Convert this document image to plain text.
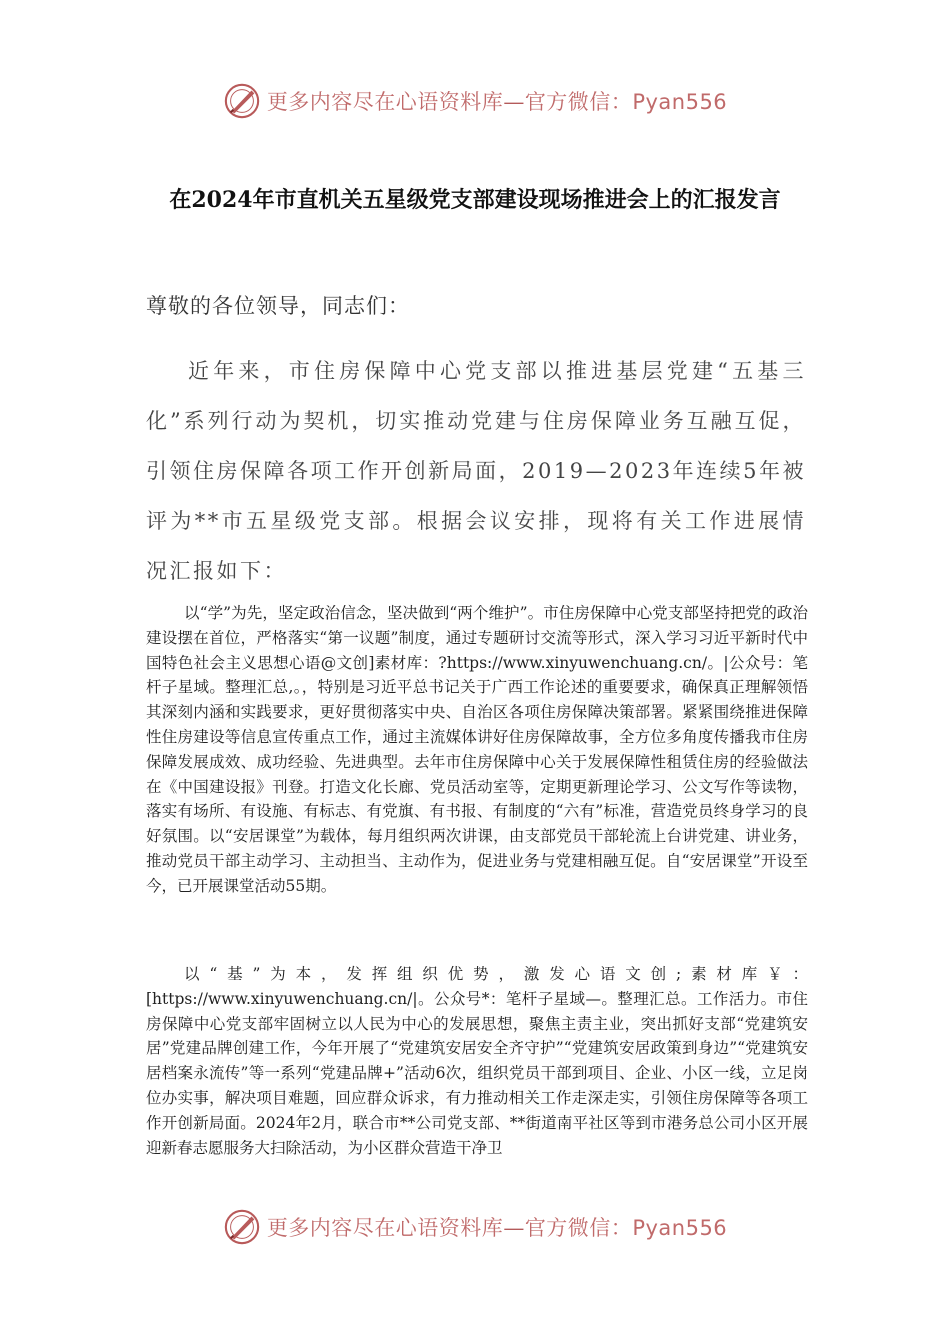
更多内容尽在心语资料库—官方微信：Pyan556
在2024年市直机关五星级党支部建设现场推进会上的汇报发言
尊敬的各位领导，同志们：

近年来，市住房保障中心党支部以推进基层党建“五基三化”系列行动为契机，切实推动党建与住房保障业务互融互促，引领住房保障各项工作开创新局面，2019—2023年连续5年被评为**市五星级党支部。根据会议安排，现将有关工作进展情况汇报如下：

以“学”为先，坚定政治信念，坚决做到“两个维护”。市住房保障中心党支部坚持把党的政治建设摆在首位，严格落实“第一议题”制度，通过专题研讨交流等形式，深入学习习近平新时代中国特色社会主义思想心语@文创]素材库：?https://www.xinyuwenchuang.cn/。|公众号：笔杆子星域。整理汇总,。，特别是习近平总书记关于广西工作论述的重要要求，确保真正理解领悟其深刻内涵和实践要求，更好贯彻落实中央、自治区各项住房保障决策部署。紧紧围绕推进保障性住房建设等信息宣传重点工作，通过主流媒体讲好住房保障故事，全方位多角度传播我市住房保障发展成效、成功经验、先进典型。去年市住房保障中心关于发展保障性租赁住房的经验做法在《中国建设报》刊登。打造文化长廊、党员活动室等，定期更新理论学习、公文写作等读物，落实有场所、有设施、有标志、有党旗、有书报、有制度的“六有”标准，营造党员终身学习的良好氛围。以“安居课堂”为载体，每月组织两次讲课，由支部党员干部轮流上台讲党建、讲业务，推动党员干部主动学习、主动担当、主动作为，促进业务与党建相融互促。自“安居课堂”开设至今，已开展课堂活动55期。

以“基”为本，发挥组织优势，激发心语文创;素材库￥：[https://www.xinyuwenchuang.cn/|。公众号*：笔杆子星域—。整理汇总。工作活力。市住房保障中心党支部牢固树立以人民为中心的发展思想，聚焦主责主业，突出抓好支部“党建筑安居”党建品牌创建工作，今年开展了“党建筑安居安全齐守护”“党建筑安居政策到身边”“党建筑安居档案永流传”等一系列“党建品牌+”活动6次，组织党员干部到项目、企业、小区一线，立足岗位办实事，解决项目难题，回应群众诉求，有力推动相关工作走深走实，引领住房保障等各项工作开创新局面。2024年2月，联合市**公司党支部、**街道南平社区等到市港务总公司小区开展迎新春志愿服务大扫除活动，为小区群众营造干净卫

更多内容尽在心语资料库—官方微信：Pyan556
